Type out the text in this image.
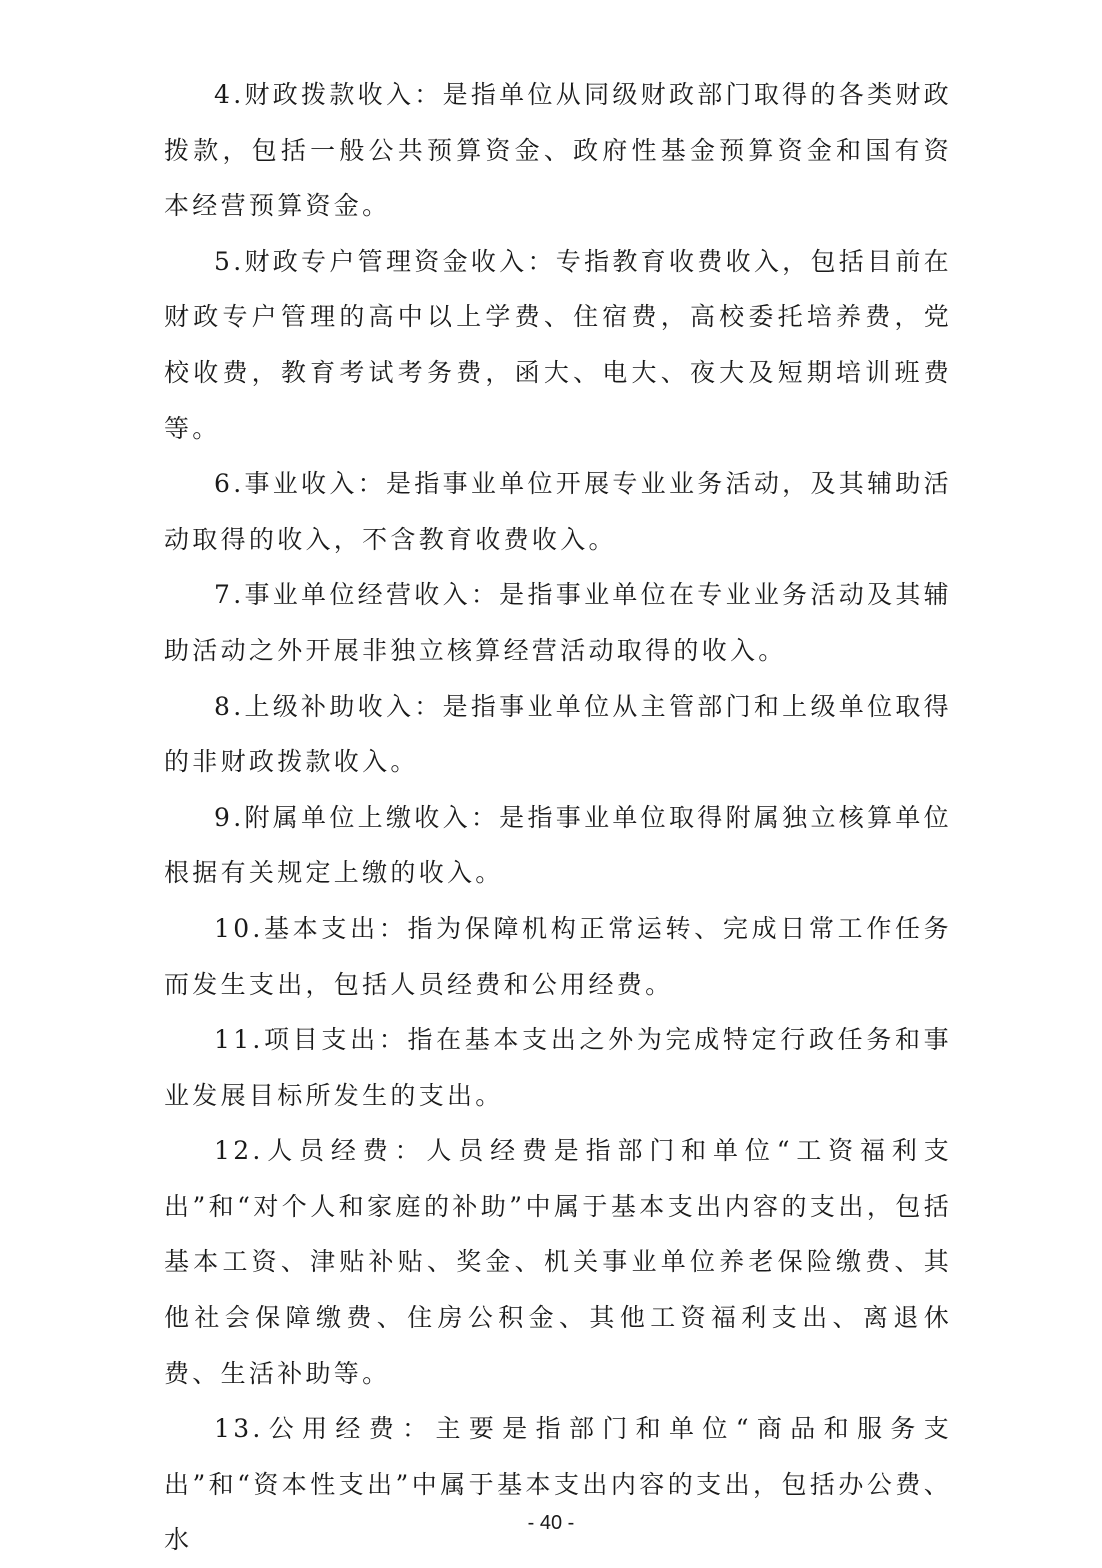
4.财政拨款收入：是指单位从同级财政部门取得的各类财政拨款，包括一般公共预算资金、政府性基金预算资金和国有资本经营预算资金。

5.财政专户管理资金收入：专指教育收费收入，包括目前在财政专户管理的高中以上学费、住宿费，高校委托培养费，党校收费，教育考试考务费，函大、电大、夜大及短期培训班费等。

6.事业收入：是指事业单位开展专业业务活动，及其辅助活动取得的收入，不含教育收费收入。

7.事业单位经营收入：是指事业单位在专业业务活动及其辅助活动之外开展非独立核算经营活动取得的收入。

8.上级补助收入：是指事业单位从主管部门和上级单位取得的非财政拨款收入。

9.附属单位上缴收入：是指事业单位取得附属独立核算单位根据有关规定上缴的收入。

10.基本支出：指为保障机构正常运转、完成日常工作任务而发生支出，包括人员经费和公用经费。

11.项目支出：指在基本支出之外为完成特定行政任务和事业发展目标所发生的支出。

12.人员经费：人员经费是指部门和单位“工资福利支出”和“对个人和家庭的补助”中属于基本支出内容的支出，包括基本工资、津贴补贴、奖金、机关事业单位养老保险缴费、其他社会保障缴费、住房公积金、其他工资福利支出、离退休费、生活补助等。

13.公用经费：主要是指部门和单位“商品和服务支出”和“资本性支出”中属于基本支出内容的支出，包括办公费、水

- 40 -
